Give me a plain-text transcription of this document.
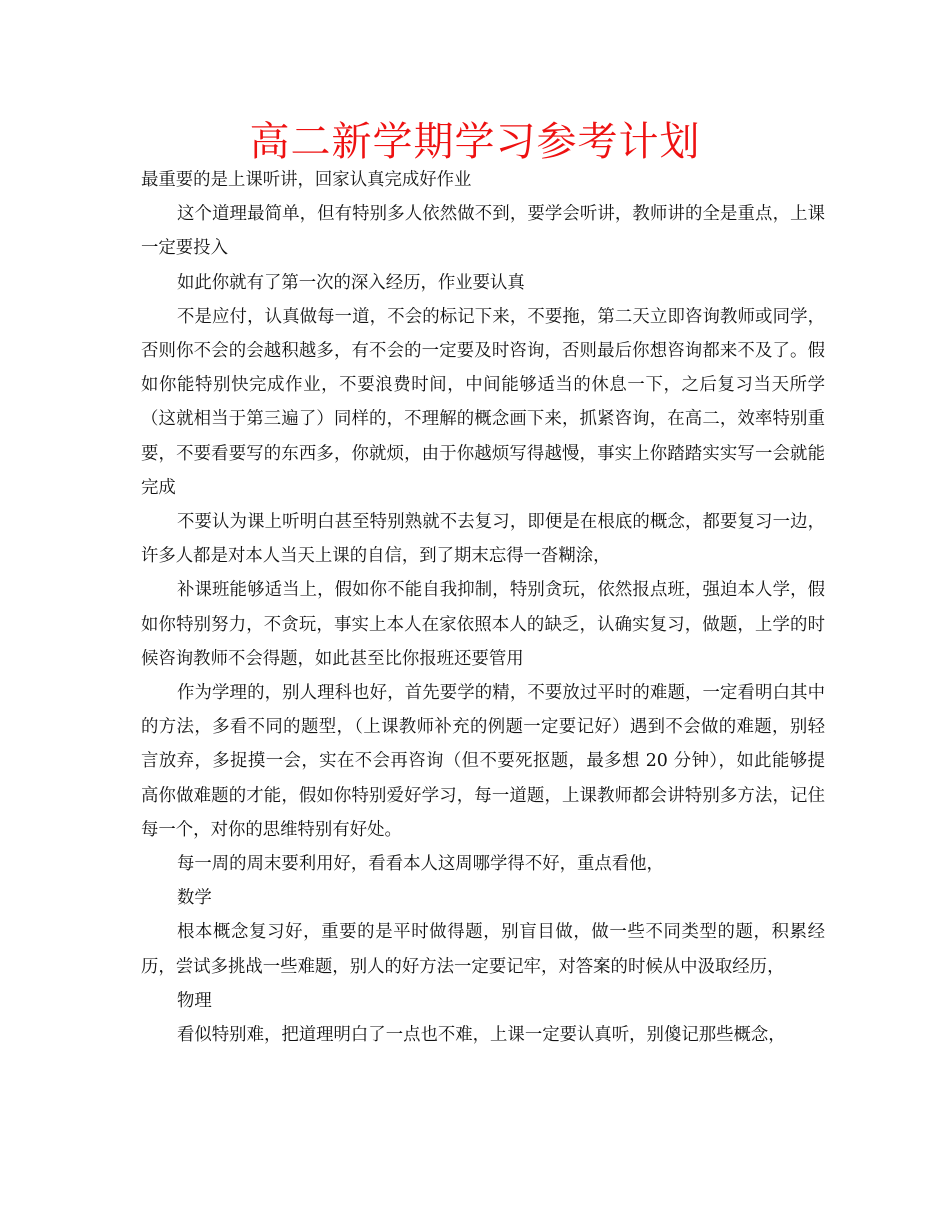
高二新学期学习参考计划

最重要的是上课听讲，回家认真完成好作业

这个道理最简单，但有特别多人依然做不到，要学会听讲，教师讲的全是重点，上课一定要投入

如此你就有了第一次的深入经历，作业要认真

不是应付，认真做每一道，不会的标记下来，不要拖，第二天立即咨询教师或同学，否则你不会的会越积越多，有不会的一定要及时咨询，否则最后你想咨询都来不及了。假如你能特别快完成作业，不要浪费时间，中间能够适当的休息一下，之后复习当天所学（这就相当于第三遍了）同样的，不理解的概念画下来，抓紧咨询，在高二，效率特别重要，不要看要写的东西多，你就烦，由于你越烦写得越慢，事实上你踏踏实实写一会就能完成

不要认为课上听明白甚至特别熟就不去复习，即便是在根底的概念，都要复习一边，许多人都是对本人当天上课的自信，到了期末忘得一沓糊涂，

补课班能够适当上，假如你不能自我抑制，特别贪玩，依然报点班，强迫本人学，假如你特别努力，不贪玩，事实上本人在家依照本人的缺乏，认确实复习，做题，上学的时候咨询教师不会得题，如此甚至比你报班还要管用

作为学理的，别人理科也好，首先要学的精，不要放过平时的难题，一定看明白其中的方法，多看不同的题型，（上课教师补充的例题一定要记好）遇到不会做的难题，别轻言放弃，多捉摸一会，实在不会再咨询（但不要死抠题，最多想 20 分钟），如此能够提高你做难题的才能，假如你特别爱好学习，每一道题，上课教师都会讲特别多方法，记住每一个，对你的思维特别有好处。

每一周的周末要利用好，看看本人这周哪学得不好，重点看他，

数学

根本概念复习好，重要的是平时做得题，别盲目做，做一些不同类型的题，积累经历，尝试多挑战一些难题，别人的好方法一定要记牢，对答案的时候从中汲取经历，

物理

看似特别难，把道理明白了一点也不难，上课一定要认真听，别傻记那些概念，
